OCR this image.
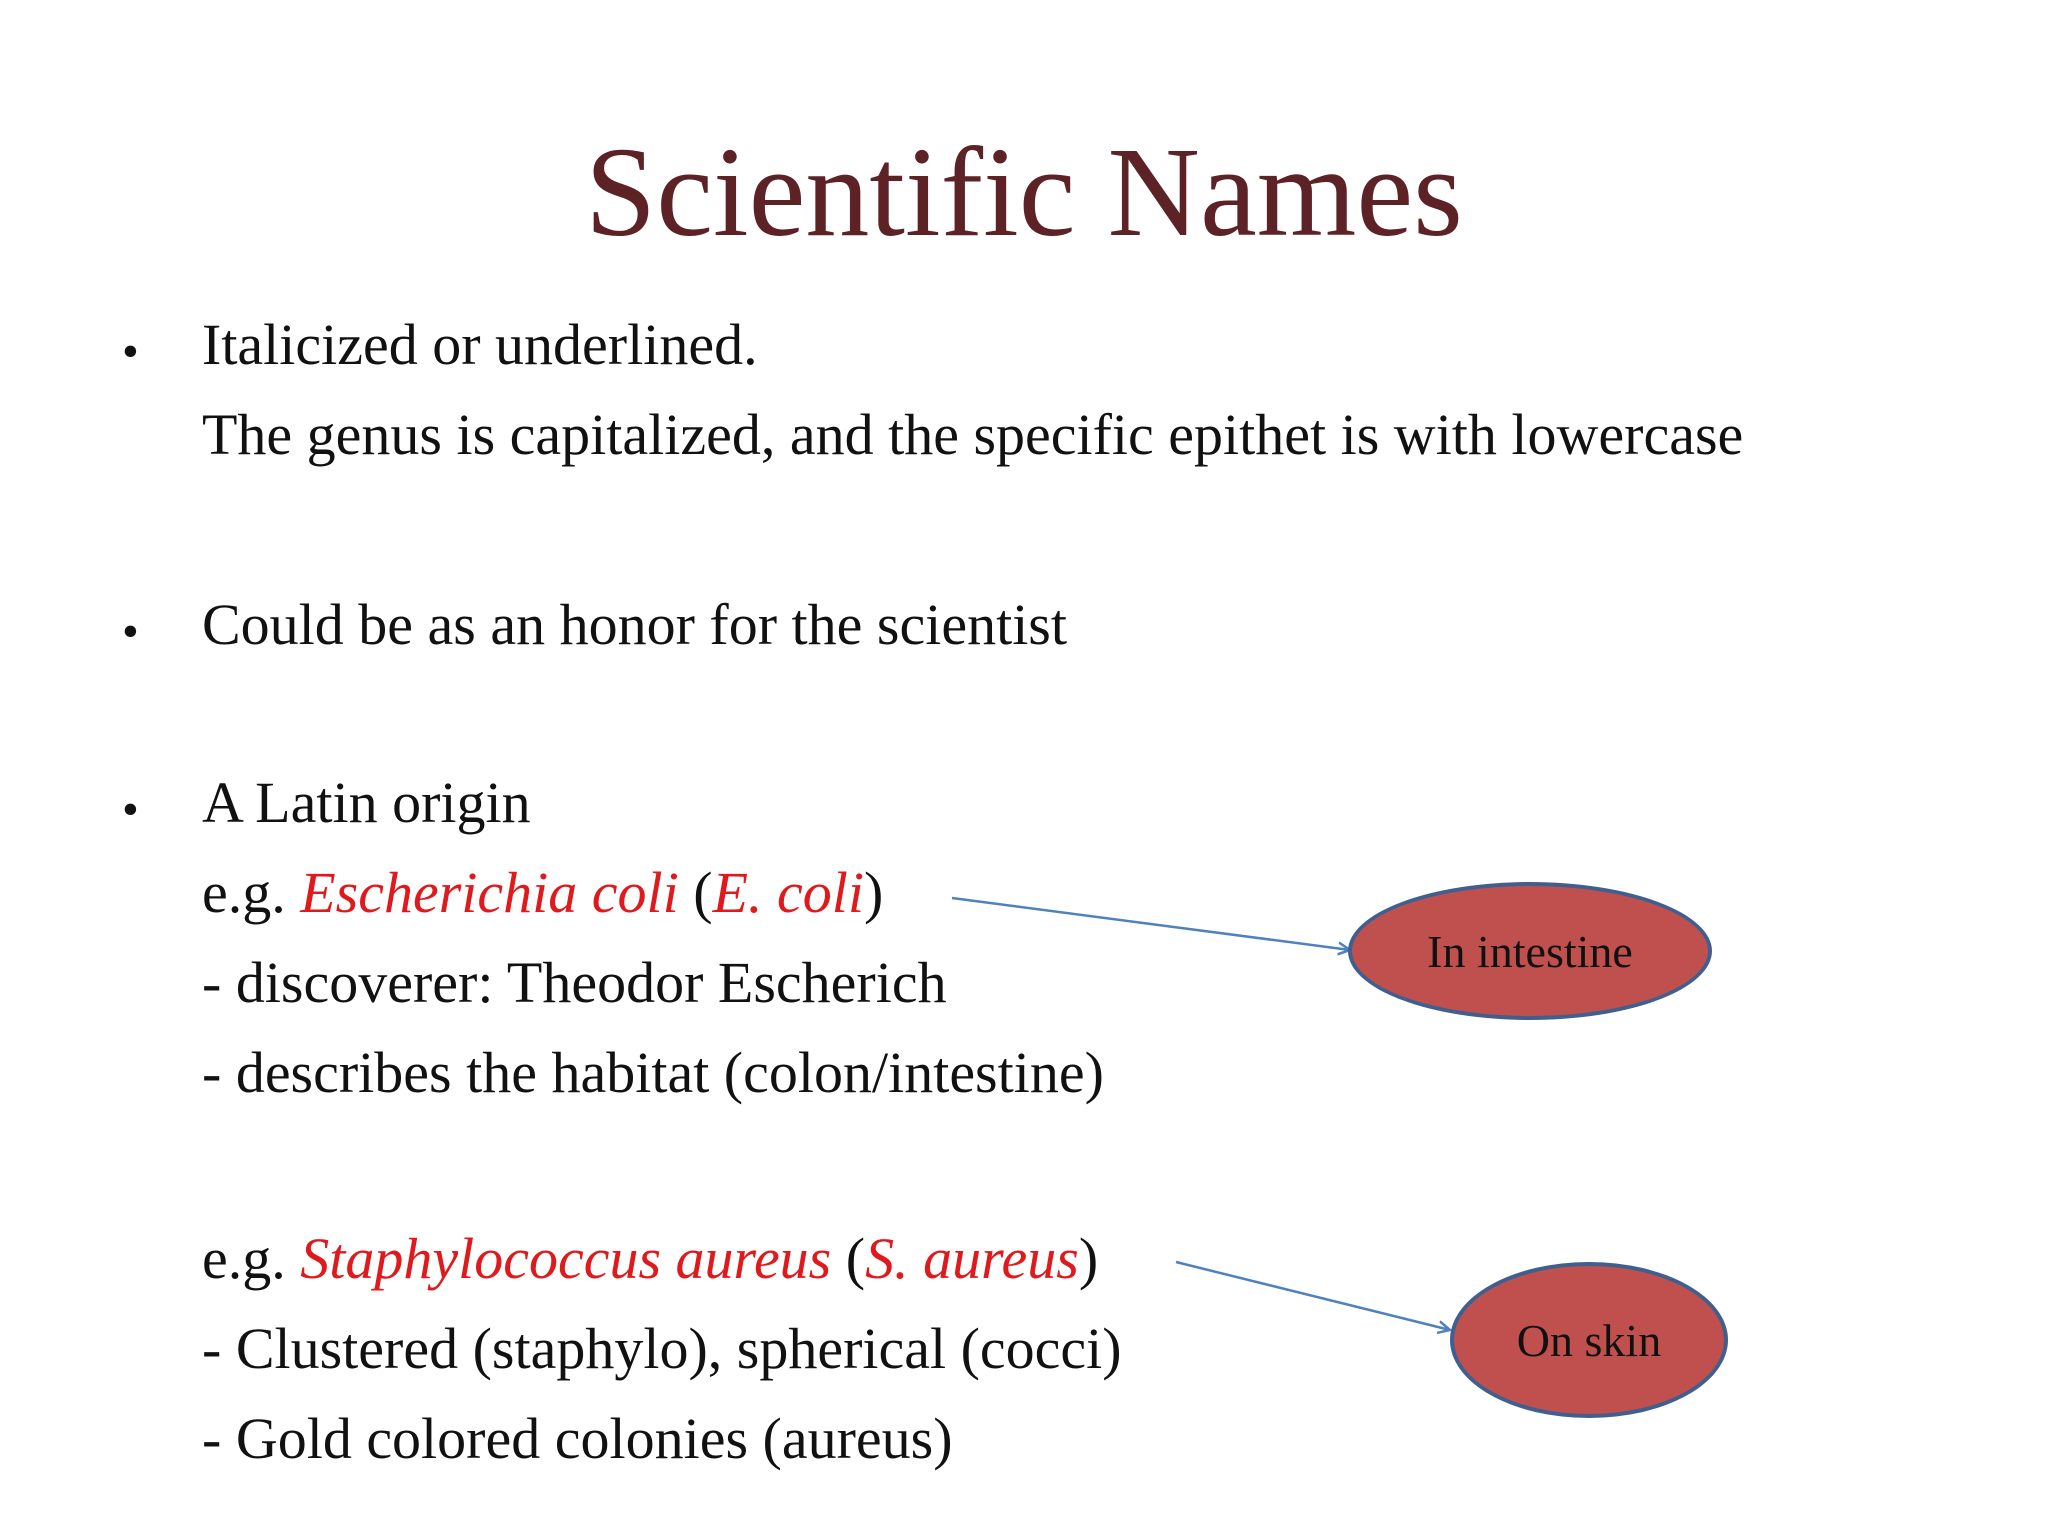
Scientific Names
• Italicized or underlined.
The genus is capitalized, and the specific epithet is with lowercase
• Could be as an honor for the scientist
• A Latin origin
e.g. Escherichia coli (E. coli)
- discoverer: Theodor Escherich
- describes the habitat (colon/intestine)
e.g. Staphylococcus aureus (S. aureus)
- Clustered (staphylo), spherical (cocci)
- Gold colored colonies (aureus)
In intestine
On skin
